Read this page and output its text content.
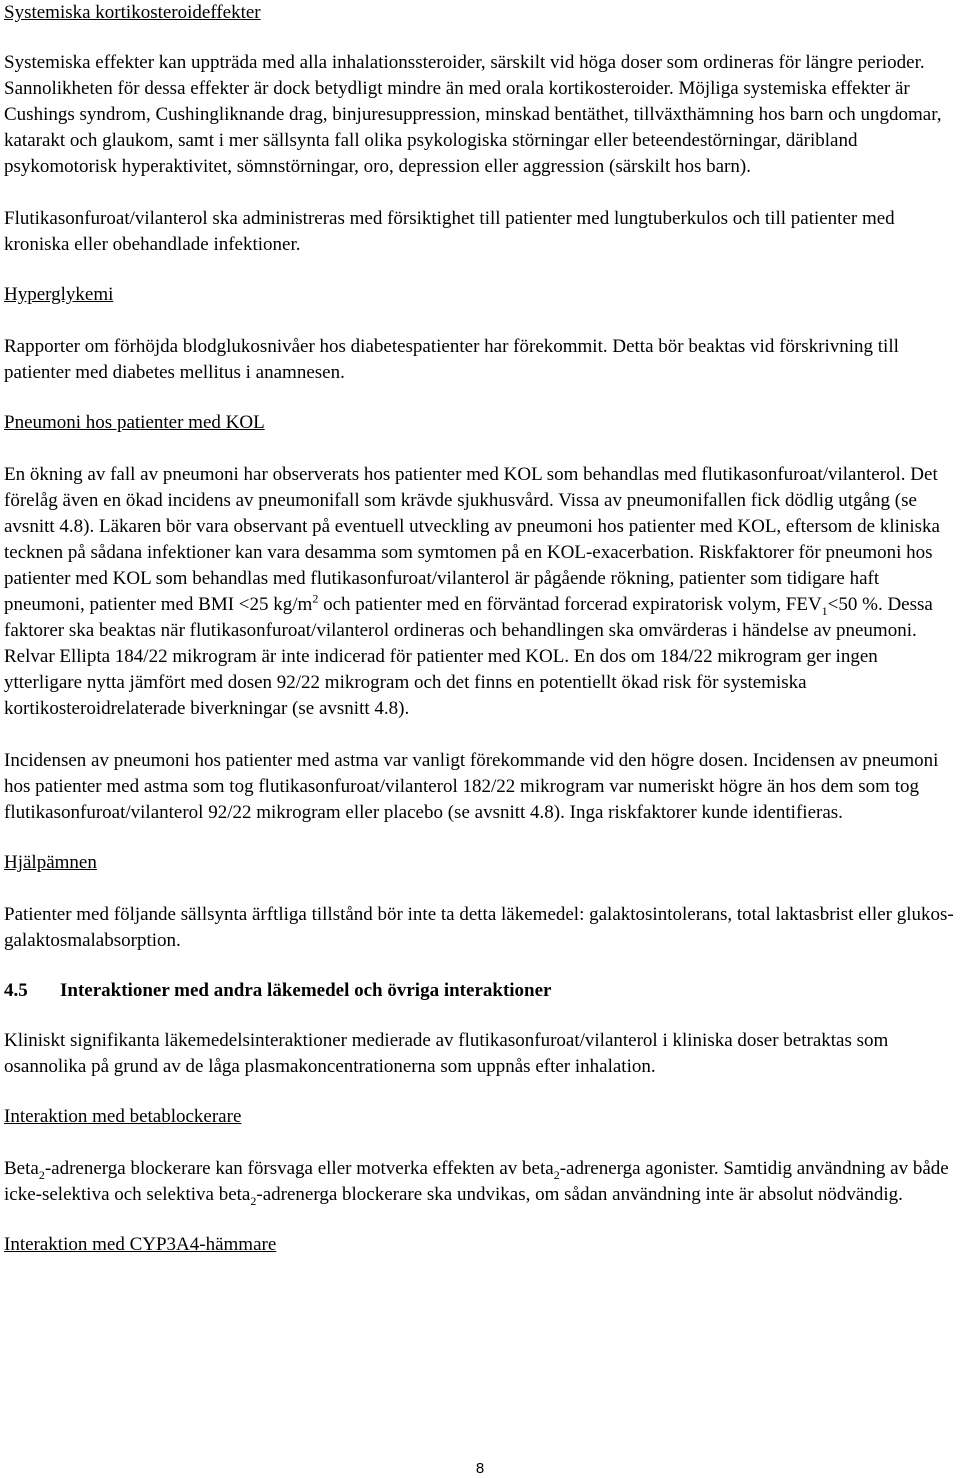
Systemiska kortikosteroideffekter

Systemiska effekter kan uppträda med alla inhalationssteroider, särskilt vid höga doser som ordineras för längre perioder. Sannolikheten för dessa effekter är dock betydligt mindre än med orala kortikosteroider. Möjliga systemiska effekter är Cushings syndrom, Cushingliknande drag, binjuresuppression, minskad bentäthet, tillväxthämning hos barn och ungdomar, katarakt och glaukom, samt i mer sällsynta fall olika psykologiska störningar eller beteendestörningar, däribland psykomotorisk hyperaktivitet, sömnstörningar, oro, depression eller aggression (särskilt hos barn).

Flutikasonfuroat/vilanterol ska administreras med försiktighet till patienter med lungtuberkulos och till patienter med kroniska eller obehandlade infektioner.

Hyperglykemi

Rapporter om förhöjda blodglukosnivåer hos diabetespatienter har förekommit. Detta bör beaktas vid förskrivning till patienter med diabetes mellitus i anamnesen.

Pneumoni hos patienter med KOL

En ökning av fall av pneumoni har observerats hos patienter med KOL som behandlas med flutikasonfuroat/vilanterol. Det förelåg även en ökad incidens av pneumonifall som krävde sjukhusvård. Vissa av pneumonifallen fick dödlig utgång (se avsnitt 4.8). Läkaren bör vara observant på eventuell utveckling av pneumoni hos patienter med KOL, eftersom de kliniska tecknen på sådana infektioner kan vara desamma som symtomen på en KOL-exacerbation. Riskfaktorer för pneumoni hos patienter med KOL som behandlas med flutikasonfuroat/vilanterol är pågående rökning, patienter som tidigare haft pneumoni, patienter med BMI <25 $kg/m^2$ och patienter med en förväntad forcerad expiratorisk volym, $FEV_1<50$ %. Dessa faktorer ska beaktas när flutikasonfuroat/vilanterol ordineras och behandlingen ska omvärderas i händelse av pneumoni.

Relvar Ellipta 184/22 mikrogram är inte indicerad för patienter med KOL. En dos om 184/22 mikrogram ger ingen ytterligare nytta jämfört med dosen 92/22 mikrogram och det finns en potentiellt ökad risk för systemiska kortikosteroidrelaterade biverkningar (se avsnitt 4.8).

Incidensen av pneumoni hos patienter med astma var vanligt förekommande vid den högre dosen. Incidensen av pneumoni hos patienter med astma som tog flutikasonfuroat/vilanterol 182/22 mikrogram var numeriskt högre än hos dem som tog flutikasonfuroat/vilanterol 92/22 mikrogram eller placebo (se avsnitt 4.8). Inga riskfaktorer kunde identifieras.

Hjälpämnen

Patienter med följande sällsynta ärftliga tillstånd bör inte ta detta läkemedel: galaktosintolerans, total laktasbrist eller glukos-galaktosmalabsorption.

4.5 Interaktioner med andra läkemedel och övriga interaktioner

Kliniskt signifikanta läkemedelsinteraktioner medierade av flutikasonfuroat/vilanterol i kliniska doser betraktas som osannolika på grund av de låga plasmakoncentrationerna som uppnås efter inhalation.

Interaktion med betablockerare

Beta$_2$-adrenerga blockerare kan försvaga eller motverka effekten av beta$_2$-adrenerga agonister. Samtidig användning av både icke-selektiva och selektiva beta$_2$-adrenerga blockerare ska undvikas, om sådan användning inte är absolut nödvändig.

Interaktion med CYP3A4-hämmare

8
